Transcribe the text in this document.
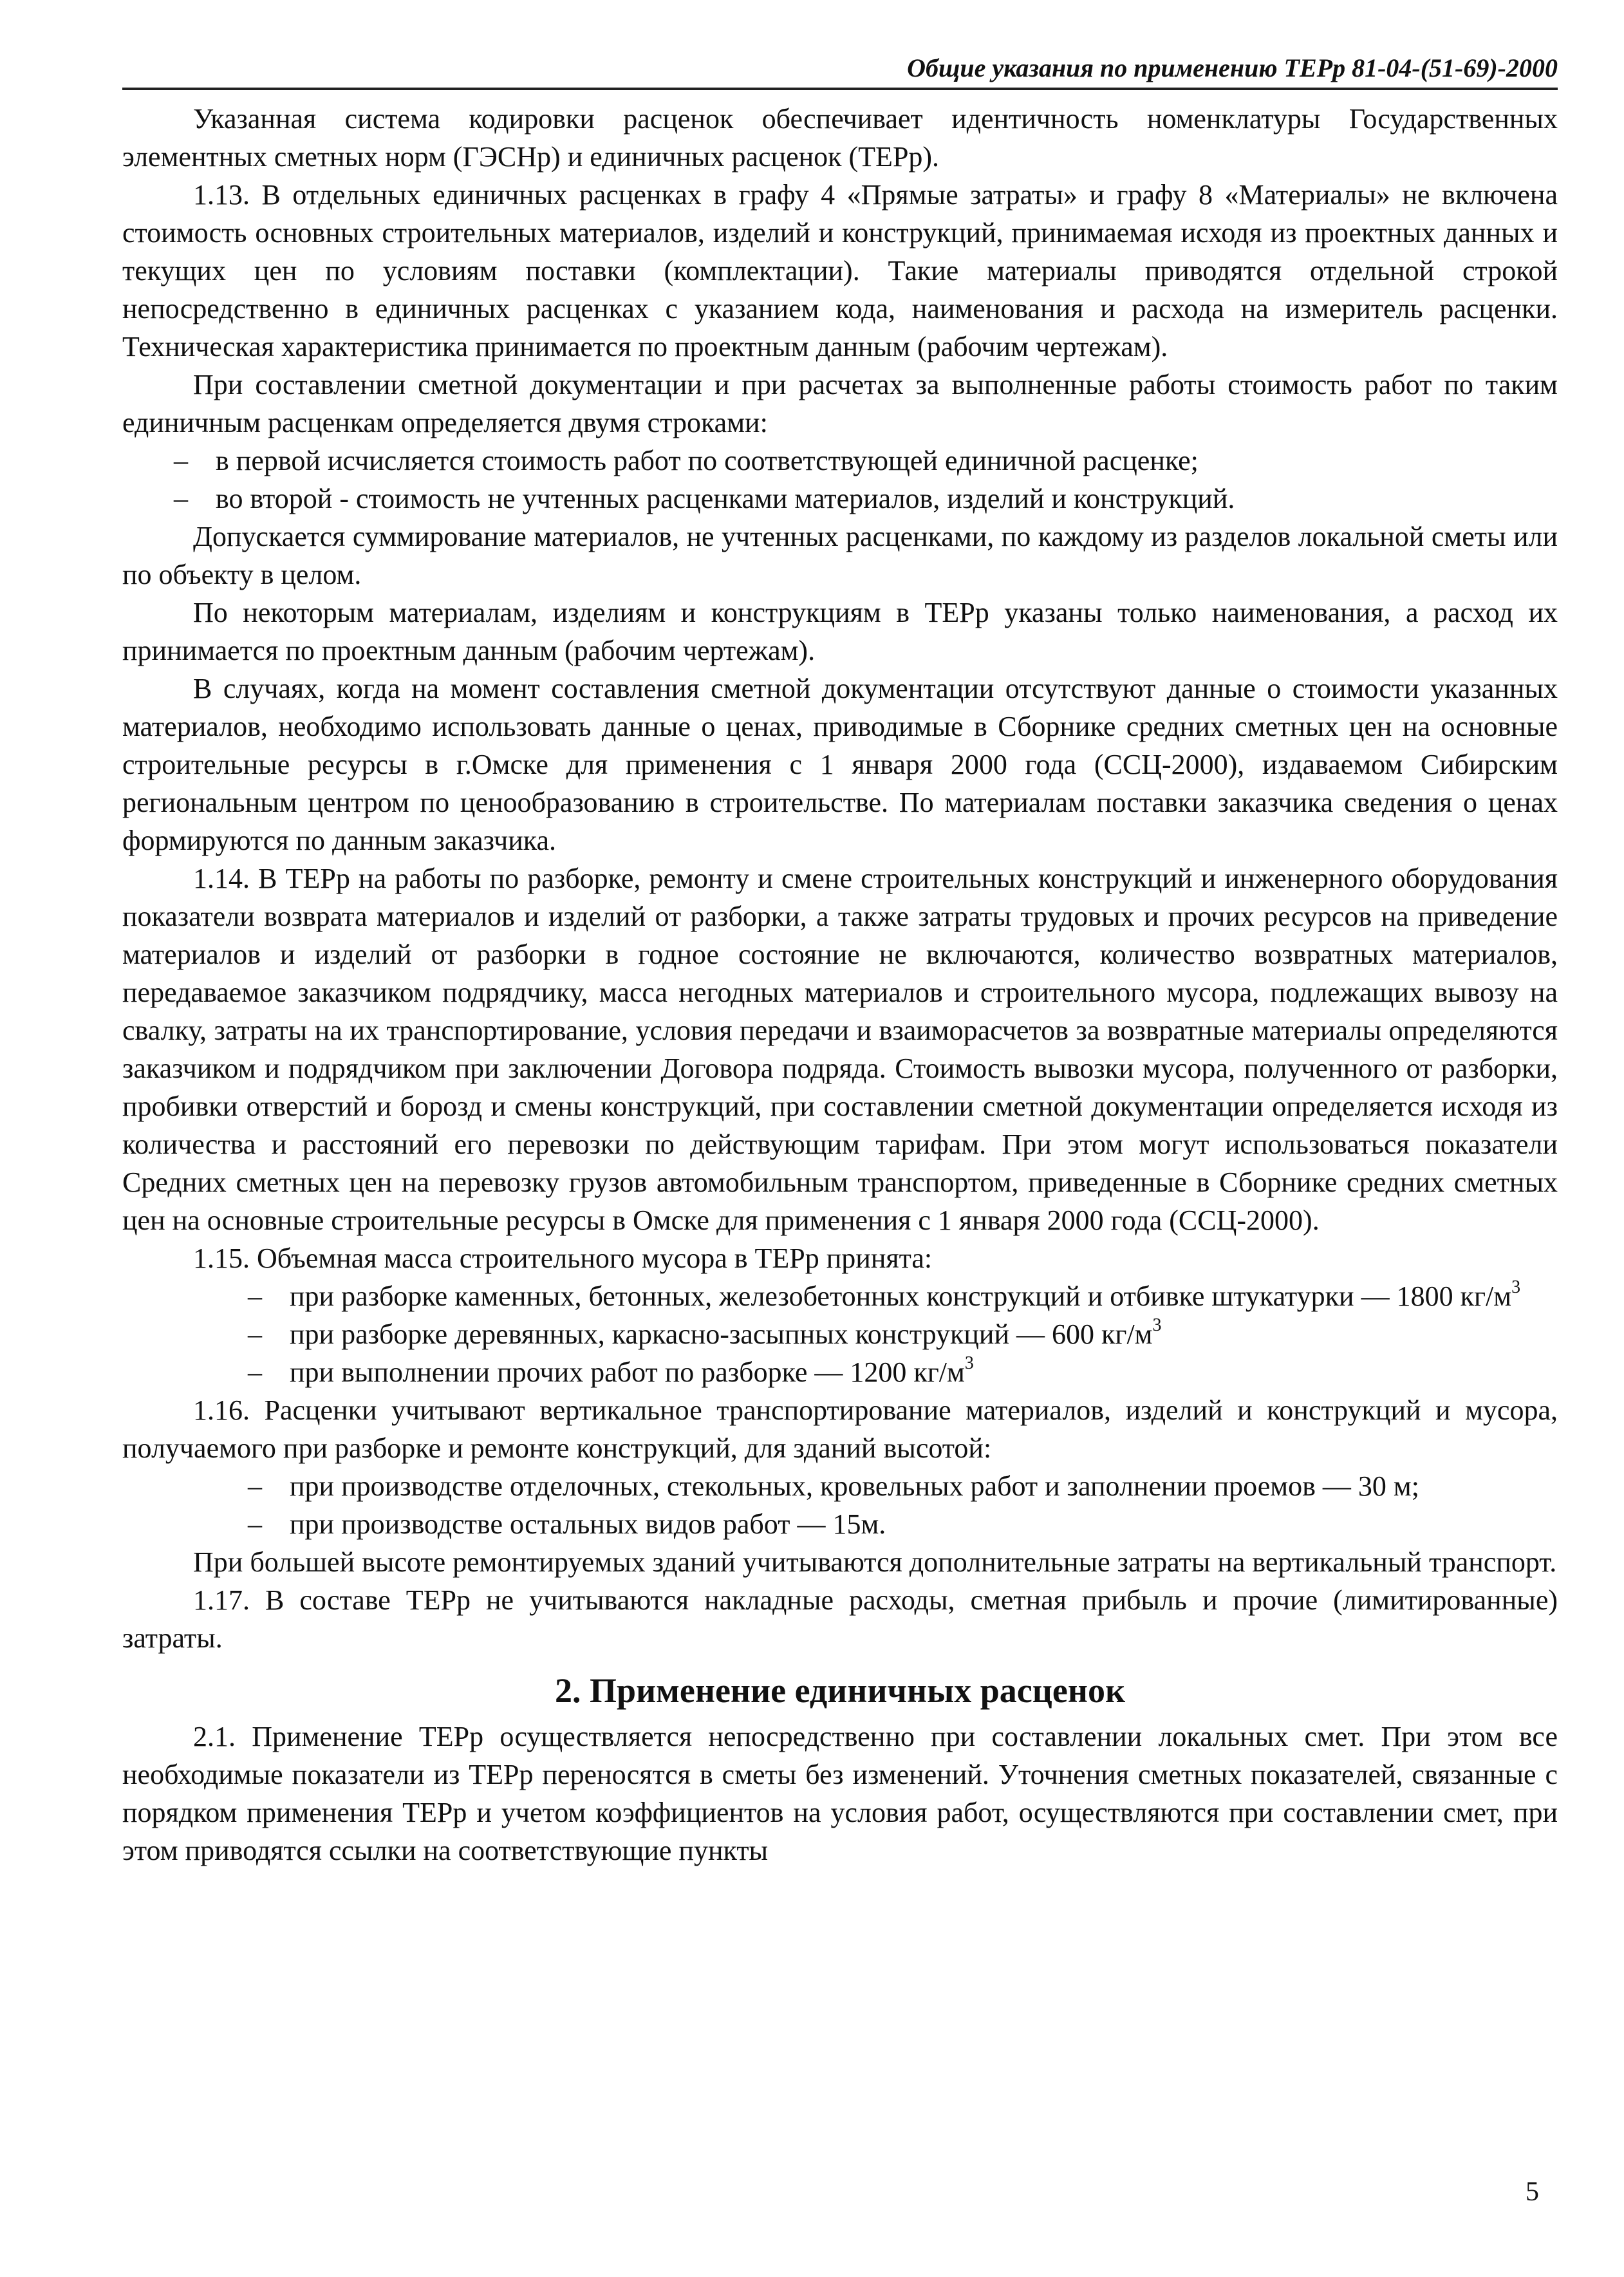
Общие указания по применению ТЕРр 81-04-(51-69)-2000

Указанная система кодировки расценок обеспечивает идентичность номенклатуры Государственных элементных сметных норм (ГЭСНр) и единичных расценок (ТЕРр).

1.13. В отдельных единичных расценках в графу 4 «Прямые затраты» и графу 8 «Материалы» не включена стоимость основных строительных материалов, изделий и конструкций, принимаемая исходя из проектных данных и текущих цен по условиям поставки (комплектации). Такие материалы приводятся отдельной строкой непосредственно в единичных расценках с указанием кода, наименования и расхода на измеритель расценки. Техническая характеристика принимается по проектным данным (рабочим чертежам).

При составлении сметной документации и при расчетах за выполненные работы стоимость работ по таким единичным расценкам определяется двумя строками:

– в первой исчисляется стоимость работ по соответствующей единичной расценке;
– во второй - стоимость не учтенных расценками материалов, изделий и конструкций.

Допускается суммирование материалов, не учтенных расценками, по каждому из разделов локальной сметы или по объекту в целом.

По некоторым материалам, изделиям и конструкциям в ТЕРр указаны только наименования, а расход их принимается по проектным данным (рабочим чертежам).

В случаях, когда на момент составления сметной документации отсутствуют данные о стоимости указанных материалов, необходимо использовать данные о ценах, приводимые в Сборнике средних сметных цен на основные строительные ресурсы в г.Омске для применения с 1 января 2000 года (ССЦ-2000), издаваемом Сибирским региональным центром по ценообразованию в строительстве. По материалам поставки заказчика сведения о ценах формируются по данным заказчика.

1.14. В ТЕРр на работы по разборке, ремонту и смене строительных конструкций и инженерного оборудования показатели возврата материалов и изделий от разборки, а также затраты трудовых и прочих ресурсов на приведение материалов и изделий от разборки в годное состояние не включаются, количество возвратных материалов, передаваемое заказчиком подрядчику, масса негодных материалов и строительного мусора, подлежащих вывозу на свалку, затраты на их транспортирование, условия передачи и взаиморасчетов за возвратные материалы определяются заказчиком и подрядчиком при заключении Договора подряда. Стоимость вывозки мусора, полученного от разборки, пробивки отверстий и борозд и смены конструкций, при составлении сметной документации определяется исходя из количества и расстояний его перевозки по действующим тарифам. При этом могут использоваться показатели Средних сметных цен на перевозку грузов автомобильным транспортом, приведенные в Сборнике средних сметных цен на основные строительные ресурсы в Омске для применения с 1 января 2000 года (ССЦ-2000).

1.15. Объемная масса строительного мусора в ТЕРр принята:

– при разборке каменных, бетонных, железобетонных конструкций и отбивке штукатурки — 1800 $кг/м^3$
– при разборке деревянных, каркасно-засыпных конструкций — 600 $кг/м^3$
– при выполнении прочих работ по разборке — 1200 $кг/м^3$

1.16. Расценки учитывают вертикальное транспортирование материалов, изделий и конструкций и мусора, получаемого при разборке и ремонте конструкций, для зданий высотой:

– при производстве отделочных, стекольных, кровельных работ и заполнении проемов — 30 м;
– при производстве остальных видов работ — 15м.

При большей высоте ремонтируемых зданий учитываются дополнительные затраты на вертикальный транспорт.

1.17. В составе ТЕРр не учитываются накладные расходы, сметная прибыль и прочие (лимитированные) затраты.

2. Применение единичных расценок

2.1. Применение ТЕРр осуществляется непосредственно при составлении локальных смет. При этом все необходимые показатели из ТЕРр переносятся в сметы без изменений. Уточнения сметных показателей, связанные с порядком применения ТЕРр и учетом коэффициентов на условия работ, осуществляются при составлении смет, при этом приводятся ссылки на соответствующие пункты

5
